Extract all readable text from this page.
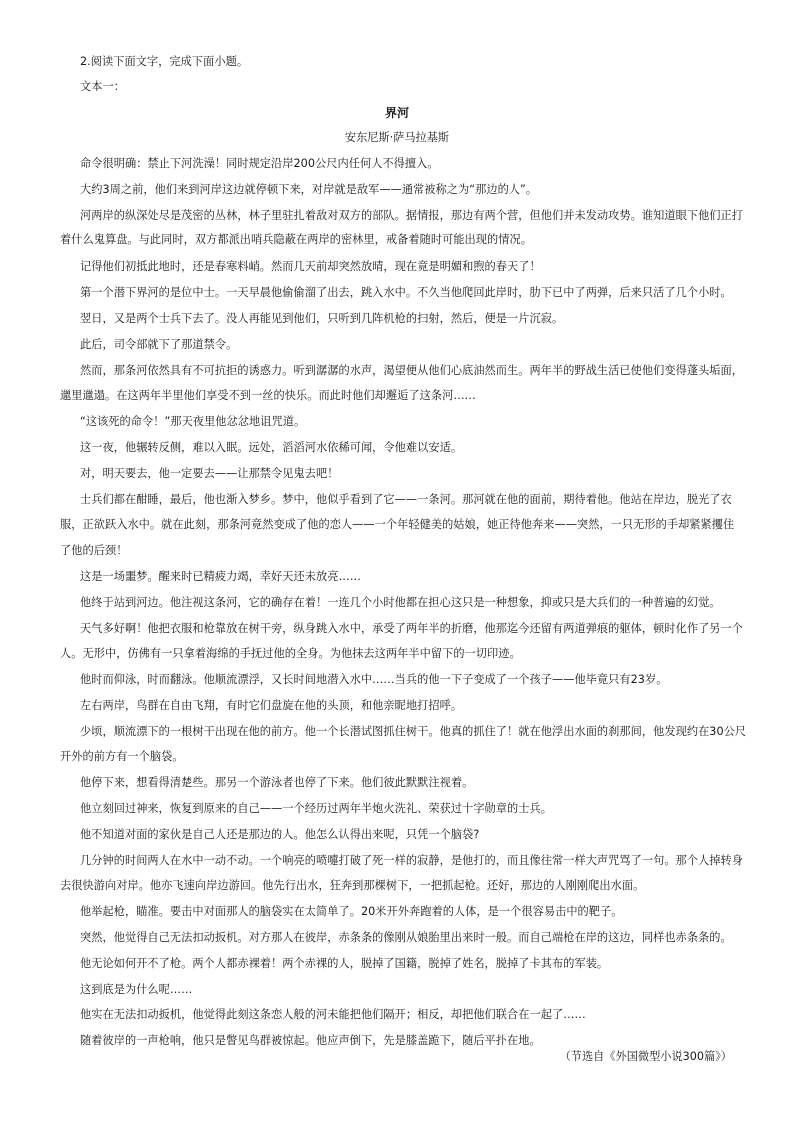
2.阅读下面文字，完成下面小题。
文本一：
界河
安东尼斯·萨马拉基斯
命令很明确：禁止下河洗澡！同时规定沿岸200公尺内任何人不得擅入。
大约3周之前，他们来到河岸这边就停顿下来，对岸就是敌军——通常被称之为“那边的人”。
河两岸的纵深处尽是茂密的丛林，林子里驻扎着敌对双方的部队。据情报，那边有两个营，但他们并未发动攻势。谁知道眼下他们正打
着什么鬼算盘。与此同时，双方都派出哨兵隐蔽在两岸的密林里，戒备着随时可能出现的情况。
记得他们初抵此地时，还是春寒料峭。然而几天前却突然放晴，现在竟是明媚和煦的春天了！
第一个潜下界河的是位中士。一天早晨他偷偷溜了出去，跳入水中。不久当他爬回此岸时，肋下已中了两弹，后来只活了几个小时。
翌日，又是两个士兵下去了。没人再能见到他们，只听到几阵机枪的扫射，然后，便是一片沉寂。
此后，司令部就下了那道禁令。
然而，那条河依然具有不可抗拒的诱惑力。听到潺潺的水声，渴望便从他们心底油然而生。两年半的野战生活已使他们变得蓬头垢面，
邋里邋遢。在这两年半里他们享受不到一丝的快乐。而此时他们却邂逅了这条河……
“这该死的命令！”那天夜里他忿忿地诅咒道。
这一夜，他辗转反侧，难以入眠。远处，滔滔河水依稀可闻，令他难以安适。
对，明天要去，他一定要去——让那禁令见鬼去吧！
士兵们都在酣睡，最后，他也渐入梦乡。梦中，他似乎看到了它——一条河。那河就在他的面前，期待着他。他站在岸边，脱光了衣
服，正欲跃入水中。就在此刻，那条河竟然变成了他的恋人——一个年轻健美的姑娘，她正待他奔来——突然，一只无形的手却紧紧攫住
了他的后颈！
这是一场噩梦。醒来时已精疲力竭，幸好天还未放亮……
他终于站到河边。他注视这条河，它的确存在着！一连几个小时他都在担心这只是一种想象，抑或只是大兵们的一种普遍的幻觉。
天气多好啊！他把衣服和枪靠放在树干旁，纵身跳入水中，承受了两年半的折磨，他那迄今还留有两道弹痕的躯体，顿时化作了另一个
人。无形中，仿佛有一只拿着海绵的手抚过他的全身。为他抹去这两年半中留下的一切印迹。
他时而仰泳，时而翻泳。他顺流漂浮，又长时间地潜入水中……当兵的他一下子变成了一个孩子——他毕竟只有23岁。
左右两岸，鸟群在自由飞翔，有时它们盘旋在他的头顶，和他亲昵地打招呼。
少顷，顺流漂下的一根树干出现在他的前方。他一个长潜试图抓住树干。他真的抓住了！就在他浮出水面的刹那间，他发现约在30公尺
开外的前方有一个脑袋。
他停下来，想看得清楚些。那另一个游泳者也停了下来。他们彼此默默注视着。
他立刻回过神来，恢复到原来的自己——一个经历过两年半炮火洗礼、荣获过十字勋章的士兵。
他不知道对面的家伙是自己人还是那边的人。他怎么认得出来呢，只凭一个脑袋?
几分钟的时间两人在水中一动不动。一个响亮的喷嚏打破了死一样的寂静，是他打的，而且像往常一样大声咒骂了一句。那个人掉转身
去很快游向对岸。他亦飞速向岸边游回。他先行出水，狂奔到那棵树下，一把抓起枪。还好，那边的人刚刚爬出水面。
他举起枪，瞄准。要击中对面那人的脑袋实在太简单了。20米开外奔跑着的人体，是一个很容易击中的靶子。
突然，他觉得自己无法扣动扳机。对方那人在彼岸，赤条条的像刚从娘胎里出来时一般。而自己端枪在岸的这边，同样也赤条条的。
他无论如何开不了枪。两个人都赤裸着！两个赤裸的人，脱掉了国籍，脱掉了姓名，脱掉了卡其布的军装。
这到底是为什么呢……
他实在无法扣动扳机，他觉得此刻这条恋人般的河未能把他们隔开；相反，却把他们联合在一起了……
随着彼岸的一声枪响，他只是瞥见鸟群被惊起。他应声倒下，先是膝盖跪下，随后平扑在地。
（节选自《外国微型小说300篇》）
